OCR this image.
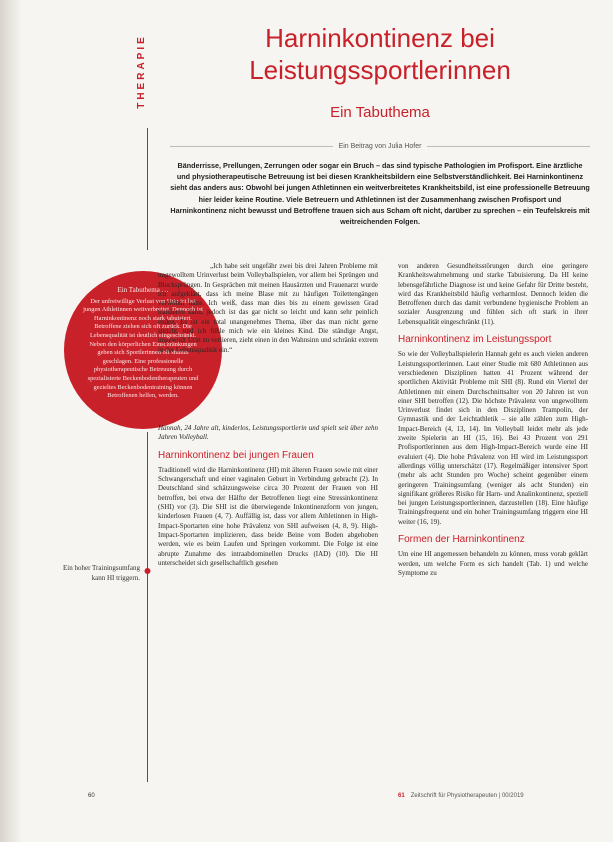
THERAPIE	Harninkontinenz bei
Leistungssportlerinnen
Ein Tabuthema
Ein Beitrag von Julia Hofer
Bänderrisse, Prellungen, Zerrungen oder sogar ein Bruch – das sind typische Pathologien im Profisport. Eine ärztliche und physiotherapeutische Betreuung ist bei diesen Krankheitsbildern eine Selbstverständlichkeit. Bei Harninkontinenz sieht das anders aus: Obwohl bei jungen Athletinnen ein weitverbreitetes Krankheitsbild, ist eine professionelle Betreuung hier leider keine Routine. Viele Betreuern und Athletinnen ist der Zusammenhang zwischen Profisport und Harninkontinenz nicht bewusst und Betroffene trauen sich aus Scham oft nicht, darüber zu sprechen – ein Teufelskreis mit weitreichenden Folgen.
Ein Tabuthema …
Der unfreiwillige Verlust von Urin ist bei jungen Athletinnen weitverbreitet. Dennoch ist Harninkontinenz noch stark tabuisiert. Betroffene ziehen sich oft zurück. Die Lebensqualität ist deutlich eingeschränkt. Neben den körperlichen Einschränkungen geben sich Sportlerinnen oft stumm geschlagen. Eine professionelle physiotherapeutische Betreuung durch spezialisierte Beckenbodentherapeuten und gezieltes Beckenbodentraining können Betroffenen helfen, werden.

„Ich habe seit ungefähr zwei bis drei Jahren Probleme mit ungewolltem Urinverlust beim Volleyballspielen, vor allem bei Sprüngen und Blocksprüngen. In Gesprächen mit meinen Hausärzten und Frauenarzt wurde ich aufgeklärt, dass ich meine Blase mit zu häufigen Toilettengängen verwöhnt hätte. Ich weiß, dass man dies bis zu einem gewissen Grad trainieren kann, jedoch ist das gar nicht so leicht und kann sehr peinlich enden. Es ist ein total unangenehmes Thema, über das man nicht gerne spricht, und ich fühle mich wie ein kleines Kind. Die ständige Angst, ungewollt Urin zu verlieren, zieht einen in den Wahnsinn und schränkt extrem in der Lebensqualität ein.“

Hannah, 24 Jahre alt, kinderlos, Leistungssportlerin und spielt seit über zehn Jahren Volleyball.

Harninkontinenz bei jungen Frauen

Traditionell wird die Harninkontinenz (HI) mit älteren Frauen sowie mit einer Schwangerschaft und einer vaginalen Geburt in Verbindung gebracht (2). In Deutschland sind schätzungsweise circa 30 Prozent der Frauen von HI betroffen, bei etwa der Hälfte der Betroffenen liegt eine Stressinkontinenz (SHI) vor (3). Die SHI ist die überwiegende Inkontinenzform von jungen, kinderlosen Frauen (4, 7). Auffällig ist, dass vor allem Athletinnen in High-Impact-Sportarten eine hohe Prävalenz von SHI aufweisen (4, 8, 9). High-Impact-Sportarten implizieren, dass beide Beine vom Boden abgehoben werden, wie es beim Laufen und Springen vorkommt. Die Folge ist eine abrupte Zunahme des intraabdominellen Drucks (IAD) (10). Die HI unterscheidet sich gesellschaftlich gesehen

Ein hoher Trainingsumfang kann HI triggern.

von anderen Gesundheitsstörungen durch eine geringere Krankheitswahrnehmung und starke Tabuisierung. Da HI keine lebensgefährliche Diagnose ist und keine Gefahr für Dritte besteht, wird das Krankheitsbild häufig verharmlost. Dennoch leiden die Betroffenen durch das damit verbundene hygienische Problem an sozialer Ausgrenzung und fühlen sich oft stark in ihrer Lebensqualität eingeschränkt (11).

Harninkontinenz im Leistungssport

So wie der Volleyballspielerin Hannah geht es auch vielen anderen Leistungssportlerinnen. Laut einer Studie mit 680 Athletinnen aus verschiedenen Disziplinen hatten 41 Prozent während der sportlichen Aktivität Probleme mit SHI (8). Rund ein Viertel der Athletinnen mit einem Durchschnittsalter von 20 Jahren ist von einer SHI betroffen (12). Die höchste Prävalenz von ungewolltem Urinverlust findet sich in den Disziplinen Trampolin, der Gymnastik und der Leichtathletik – sie alle zählen zum High-Impact-Bereich (4, 13, 14). Im Volleyball leidet mehr als jede zweite Spielerin an HI (15, 16). Bei 43 Prozent von 291 Profisportlerinnen aus dem High-Impact-Bereich wurde eine HI evaluiert (4). Die hohe Prävalenz von HI wird im Leistungssport allerdings völlig unterschätzt (17). Regelmäßiger intensiver Sport (mehr als acht Stunden pro Woche) scheint gegenüber einem geringeren Trainingsumfang (weniger als acht Stunden) ein signifikant größeres Risiko für Harn- und Analinkontinenz, speziell bei jungen Leistungssportlerinnen, darzustellen (18). Eine häufige Trainingsfrequenz und ein hoher Trainingsumfang triggern eine HI weiter (16, 19).

Formen der Harninkontinenz

Um eine HI angemessen behandeln zu können, muss vorab geklärt werden, um welche Form es sich handelt (Tab. 1) und welche Symptome zu

60	61 Zeitschrift für Physiotherapeuten | 00/2019
